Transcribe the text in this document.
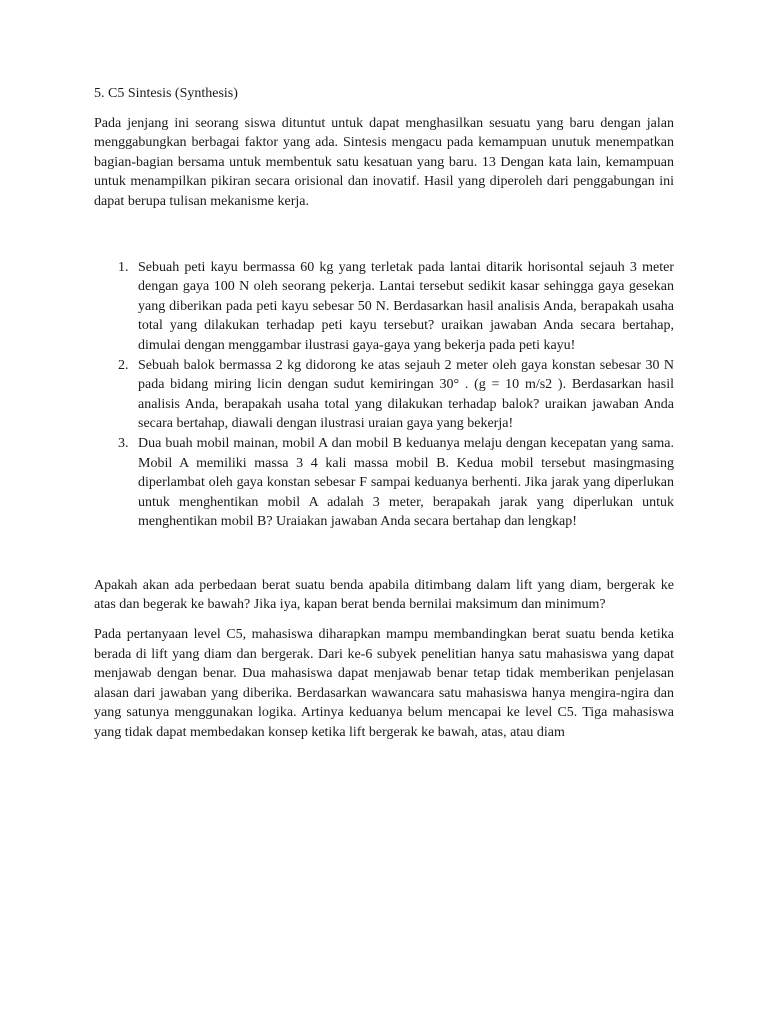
5. C5 Sintesis (Synthesis)

Pada jenjang ini seorang siswa dituntut untuk dapat menghasilkan sesuatu yang baru dengan jalan menggabungkan berbagai faktor yang ada. Sintesis mengacu pada kemampuan unutuk menempatkan bagian-bagian bersama untuk membentuk satu kesatuan yang baru. 13 Dengan kata lain, kemampuan untuk menampilkan pikiran secara orisional dan inovatif. Hasil yang diperoleh dari penggabungan ini dapat berupa tulisan mekanisme kerja.

1. Sebuah peti kayu bermassa 60 kg yang terletak pada lantai ditarik horisontal sejauh 3 meter dengan gaya 100 N oleh seorang pekerja. Lantai tersebut sedikit kasar sehingga gaya gesekan yang diberikan pada peti kayu sebesar 50 N. Berdasarkan hasil analisis Anda, berapakah usaha total yang dilakukan terhadap peti kayu tersebut? uraikan jawaban Anda secara bertahap, dimulai dengan menggambar ilustrasi gaya-gaya yang bekerja pada peti kayu!
2. Sebuah balok bermassa 2 kg didorong ke atas sejauh 2 meter oleh gaya konstan sebesar 30 N pada bidang miring licin dengan sudut kemiringan 30° . (g = 10 m/s2 ). Berdasarkan hasil analisis Anda, berapakah usaha total yang dilakukan terhadap balok? uraikan jawaban Anda secara bertahap, diawali dengan ilustrasi uraian gaya yang bekerja!
3. Dua buah mobil mainan, mobil A dan mobil B keduanya melaju dengan kecepatan yang sama. Mobil A memiliki massa 3 4 kali massa mobil B. Kedua mobil tersebut masingmasing diperlambat oleh gaya konstan sebesar F sampai keduanya berhenti. Jika jarak yang diperlukan untuk menghentikan mobil A adalah 3 meter, berapakah jarak yang diperlukan untuk menghentikan mobil B? Uraiakan jawaban Anda secara bertahap dan lengkap!

Apakah akan ada perbedaan berat suatu benda apabila ditimbang dalam lift yang diam, bergerak ke atas dan begerak ke bawah? Jika iya, kapan berat benda bernilai maksimum dan minimum?

Pada pertanyaan level C5, mahasiswa diharapkan mampu membandingkan berat suatu benda ketika berada di lift yang diam dan bergerak. Dari ke-6 subyek penelitian hanya satu mahasiswa yang dapat menjawab dengan benar. Dua mahasiswa dapat menjawab benar tetap tidak memberikan penjelasan alasan dari jawaban yang diberika. Berdasarkan wawancara satu mahasiswa hanya mengira-ngira dan yang satunya menggunakan logika. Artinya keduanya belum mencapai ke level C5. Tiga mahasiswa yang tidak dapat membedakan konsep ketika lift bergerak ke bawah, atas, atau diam
